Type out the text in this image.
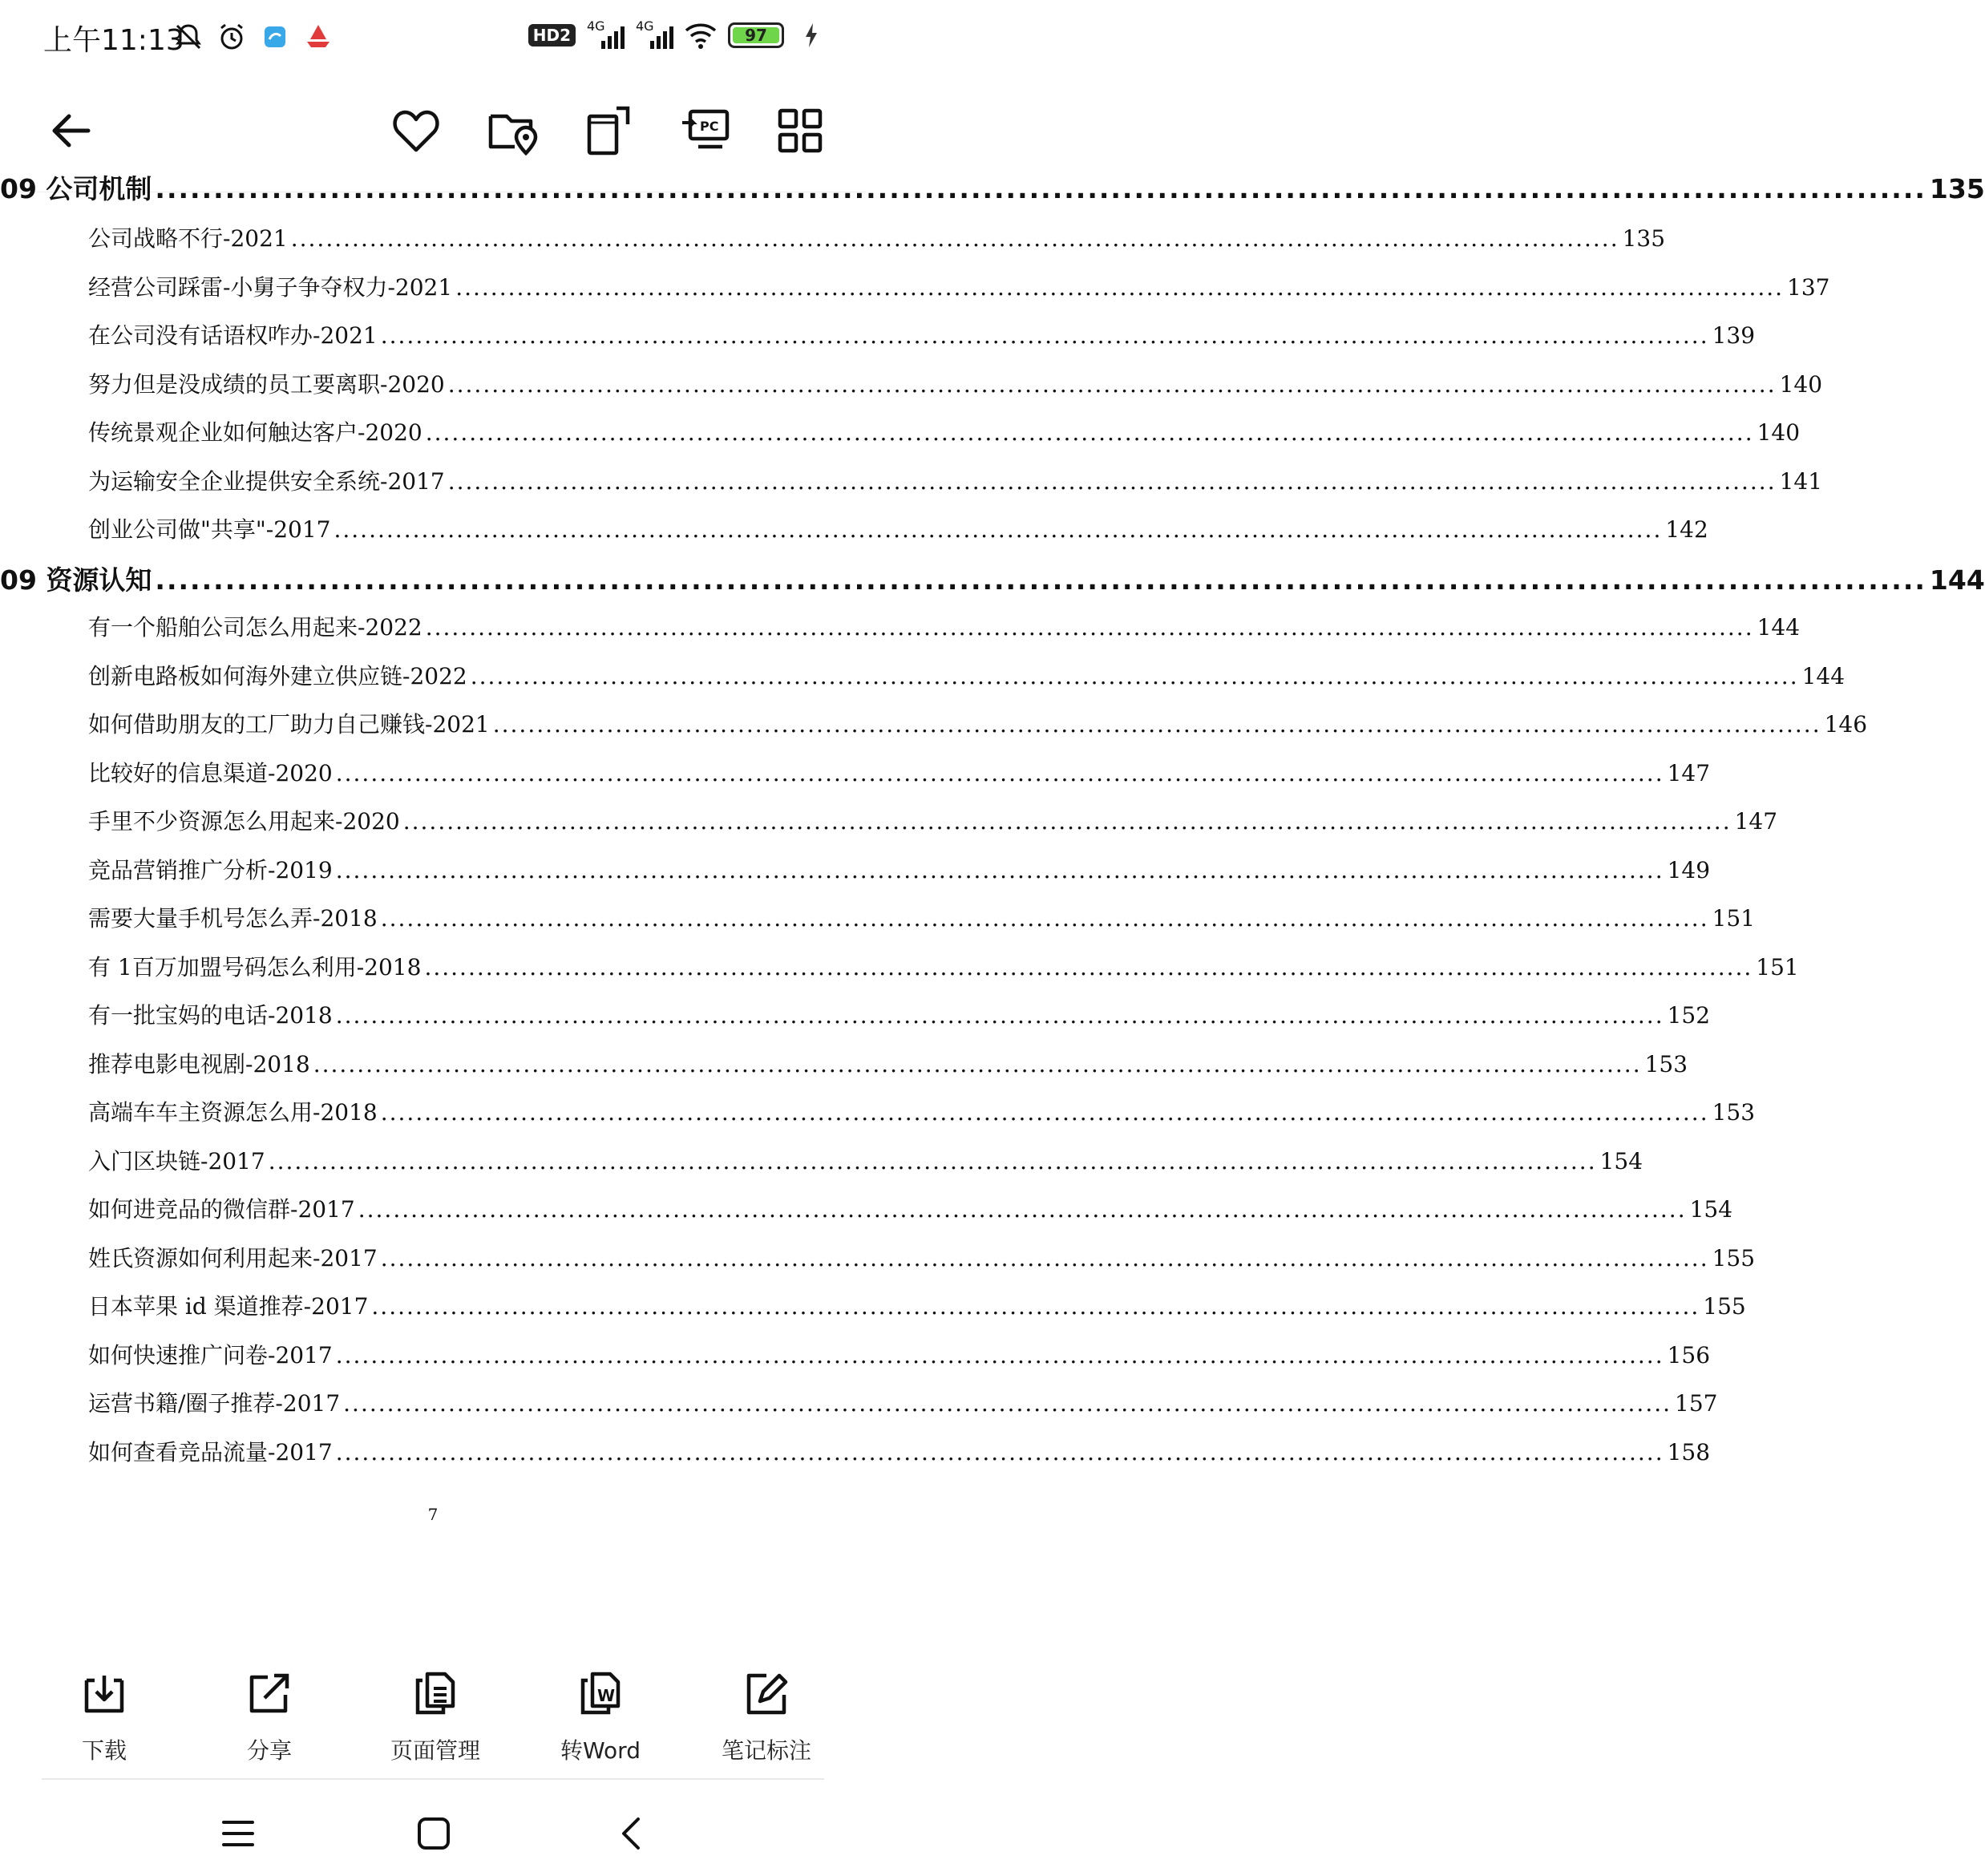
上午11:13	HD2	4G 4G	97
PC
09 公司机制 ........................................................................................................................................................ 135
公司战略不行-2021 ........................................................................................................................................................ 135
经营公司踩雷-小舅子争夺权力-2021 ........................................................................................................................................................ 137
在公司没有话语权咋办-2021 ........................................................................................................................................................ 139
努力但是没成绩的员工要离职-2020 ........................................................................................................................................................ 140
传统景观企业如何触达客户-2020 ........................................................................................................................................................ 140
为运输安全企业提供安全系统-2017 ........................................................................................................................................................ 141
创业公司做"共享"-2017 ........................................................................................................................................................ 142
09 资源认知 ........................................................................................................................................................ 144
有一个船舶公司怎么用起来-2022 ........................................................................................................................................................ 144
创新电路板如何海外建立供应链-2022 ........................................................................................................................................................ 144
如何借助朋友的工厂助力自己赚钱-2021 ........................................................................................................................................................ 146
比较好的信息渠道-2020 ........................................................................................................................................................ 147
手里不少资源怎么用起来-2020 ........................................................................................................................................................ 147
竞品营销推广分析-2019 ........................................................................................................................................................ 149
需要大量手机号怎么弄-2018 ........................................................................................................................................................ 151
有 1百万加盟号码怎么利用-2018 ........................................................................................................................................................ 151
有一批宝妈的电话-2018 ........................................................................................................................................................ 152
推荐电影电视剧-2018 ........................................................................................................................................................ 153
高端车车主资源怎么用-2018 ........................................................................................................................................................ 153
入门区块链-2017 ........................................................................................................................................................ 154
如何进竞品的微信群-2017 ........................................................................................................................................................ 154
姓氏资源如何利用起来-2017 ........................................................................................................................................................ 155
日本苹果 id 渠道推荐-2017 ........................................................................................................................................................ 155
如何快速推广问卷-2017 ........................................................................................................................................................ 156
运营书籍/圈子推荐-2017 ........................................................................................................................................................ 157
如何查看竞品流量-2017 ........................................................................................................................................................ 158
7
下载	分享	页面管理
W
转Word	笔记标注
